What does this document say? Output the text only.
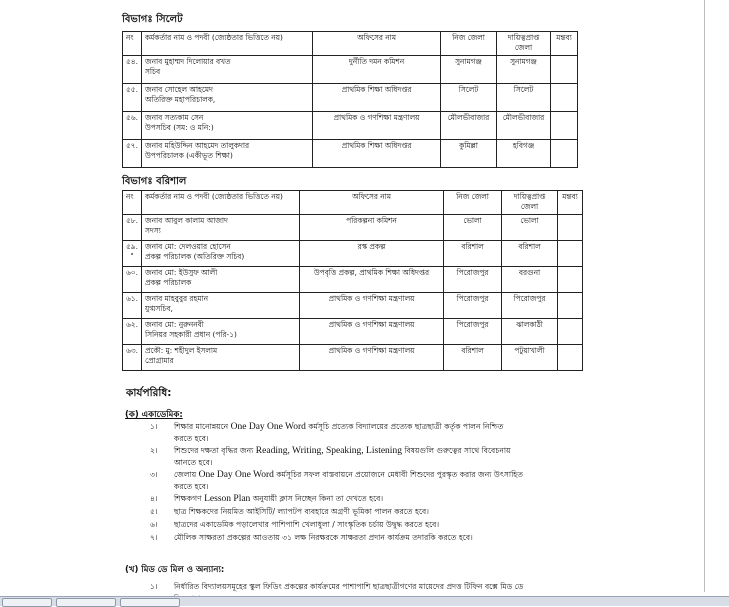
বিভাগঃ সিলেট
নং	কর্মকর্তার নাম ও পদবী (জ্যেষ্ঠতার ভিত্তিতে নয়)	অফিসের নাম	নিজ জেলা	দায়িত্বপ্রাপ্ত জেলা	মন্তব্য
৫৪.	জনাব মুহাম্মদ দিলোয়ার বখত
সচিব	দুর্নীতি দমন কমিশন	সুনামগঞ্জ	সুনামগঞ্জ	
৫৫.	জনাব সোহেল আহমেদ
অতিরিক্ত মহাপরিচালক,	প্রাথমিক শিক্ষা অধিদপ্তর	সিলেট	সিলেট	
৫৬.	জনাব সত্যকাম সেন
উপসচিব (সম: ও মনি:)	প্রাথমিক ও গণশিক্ষা মন্ত্রণালয়	মৌলভীবাজার	মৌলভীবাজার	
৫৭.	জনাব মহিউদ্দিন আহমেদ তালুকদার
উপপরিচালক (একীভূত শিক্ষা)	প্রাথমিক শিক্ষা অধিদপ্তর	কুমিল্লা	হবিগঞ্জ	
বিভাগঃ বরিশাল
নং	কর্মকর্তার নাম ও পদবী (জ্যেষ্ঠতার ভিত্তিতে নয়)	অফিসের নাম	নিজ জেলা	দায়িত্বপ্রাপ্ত জেলা	মন্তব্য
৫৮.	জনাব আবুল কালাম আজাদ
সদস্য	পরিকল্পনা কমিশন	ভোলা	ভোলা	
৫৯.	জনাব মো: দেলওয়ার হোসেন
প্রকল্প পরিচালক (অতিরিক্ত সচিব)	রস্ক প্রকল্প	বরিশাল	বরিশাল	
৬০.	জনাব মো: ইউসুফ আলী
প্রকল্প পরিচালক	উপবৃত্তি প্রকল্প, প্রাথমিক শিক্ষা অধিদপ্তর	পিরোজপুর	বরগুনা	
৬১.	জনাব মাহবুবুর রহমান
যুগ্মসচিব,	প্রাথমিক ও গণশিক্ষা মন্ত্রণালয়	পিরোজপুর	পিরোজপুর	
৬২.	জনাব মো: নুরুননবী
সিনিয়র সহকারী প্রধান (পরি-১)	প্রাথমিক ও গণশিক্ষা মন্ত্রণালয়	পিরোজপুর	ঝালকাঠী	
৬৩.	প্রকৌ: মু: শহীদুল ইসলাম
প্রোগ্রামার	প্রাথমিক ও গণশিক্ষা মন্ত্রণালয়	বরিশাল	পটুয়াখালী	
কার্যপরিধি:
(ক) একাডেমিক:
১। শিক্ষার মানোন্নয়নে One Day One Word কর্মসূচি প্রত্যেক বিদ্যালয়ের প্রত্যেক ছাত্রছাত্রী কর্তৃক পালন নিশ্চিত
করতে হবে।
২। শিশুদের দক্ষতা বৃদ্ধির জন্য Reading, Writing, Speaking, Listening বিষয়গুলি গুরুত্বের সাথে বিবেচনায়
আনতে হবে।
৩। জেলায় One Day One Word কর্মসূচির সফল বাস্তবায়নে প্রয়োজনে মেধাবী শিশুদের পুরস্কৃত করার জন্য উৎসাহিত
করতে হবে।
৪। শিক্ষকগণ Lesson Plan অনুযায়ী ক্লাস নিচ্ছেন কিনা তা দেখতে হবে।
৫। ছাত্র শিক্ষকদের নিয়মিত আইসিটি/ ল্যাপটপ ব্যবহারে অগ্রণী ভূমিকা পালন করতে হবে।
৬। ছাত্রদের একাডেমিক পড়ালেখার পাশিপাশি খেলাধুলা / সাংস্কৃতিক চর্চায় উদ্বুদ্ধ করতে হবে।
৭। মৌলিক সাক্ষরতা প্রকল্পের আওতায় ৩১ লক্ষ নিরক্ষরকে সাক্ষরতা প্রদান কার্যক্রম তদারকি করতে হবে।
(খ) মিড ডে মিল ও অন্যান্য:
১। নির্ধারিত বিদ্যালয়সমূহের স্কুল ফিডিং প্রকল্পের কার্যক্রমের পাশাপাশি ছাত্রছাত্রীগণের মায়েদের প্রদত্ত টিফিন বক্সে মিড ডে
